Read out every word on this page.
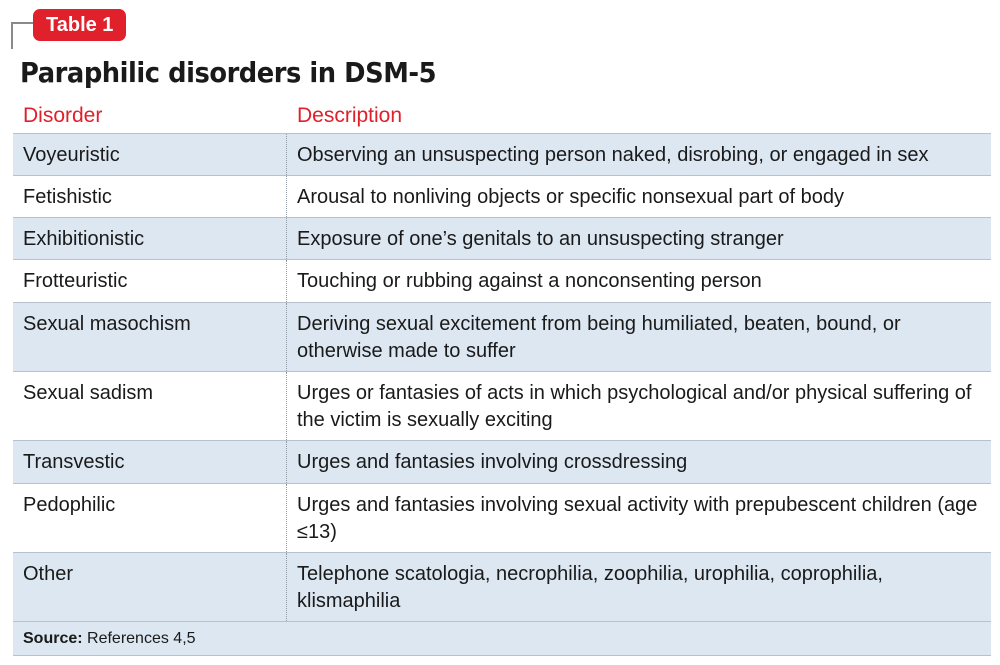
Table 1
Paraphilic disorders in DSM-5
Disorder	Description
Voyeuristic	Observing an unsuspecting person naked, disrobing, or engaged in sex
Fetishistic	Arousal to nonliving objects or specific nonsexual part of body
Exhibitionistic	Exposure of one’s genitals to an unsuspecting stranger
Frotteuristic	Touching or rubbing against a nonconsenting person
Sexual masochism	Deriving sexual excitement from being humiliated, beaten, bound, or otherwise made to suffer
Sexual sadism	Urges or fantasies of acts in which psychological and/or physical suffering of the victim is sexually exciting
Transvestic	Urges and fantasies involving crossdressing
Pedophilic	Urges and fantasies involving sexual activity with prepubescent children (age ≤13)
Other	Telephone scatologia, necrophilia, zoophilia, urophilia, coprophilia, klismaphilia
Source: References 4,5
